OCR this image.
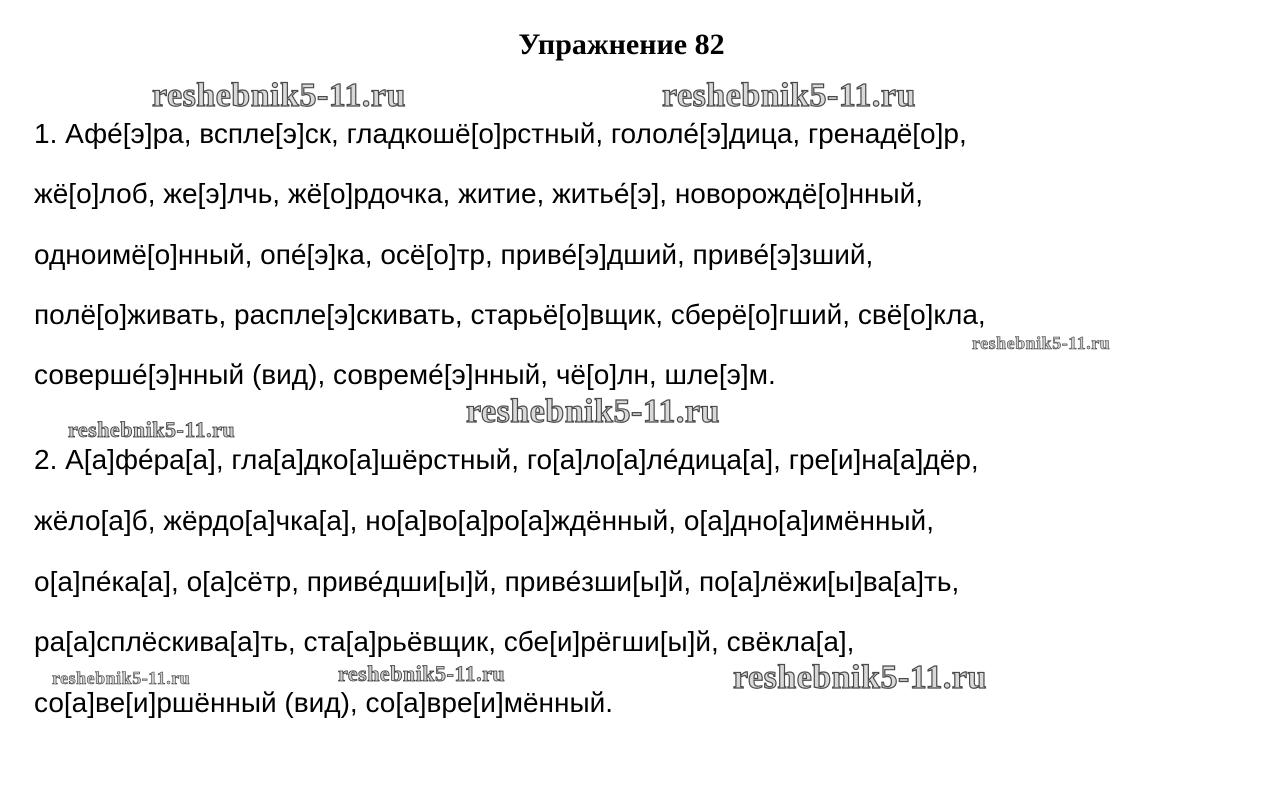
Упражнение 82
reshebnik5-11.ru	reshebnik5-11.ru
reshebnik5-11.ru
reshebnik5-11.ru
reshebnik5-11.ru
reshebnik5-11.ru	reshebnik5-11.ru	reshebnik5-11.ru
1. Афе́[э]ра, всплe[э]ск, гладкошё[о]рстный, гололе́[э]дица, гренадё[о]р,
жё[о]лоб, же[э]лчь, жё[о]рдочка, житие, житье́[э], новорождё[о]нный,
одноимё[о]нный, опе́[э]ка, осё[о]тр, приве́[э]дший, приве́[э]зший,
полё[о]живать, расплe[э]скивать, старьё[о]вщик, сберё[о]гший, свё[о]кла,
соверше́[э]нный (вид), совреме́[э]нный, чё[о]лн, шле[э]м.
2. А[а]фе́ра[а], гла[а]дко[а]шёрстный, го[а]ло[а]ле́дица[а], гре[и]на[а]дёр,
жёло[а]б, жёрдо[а]чка[а], но[а]во[а]ро[а]ждённый, о[а]дно[а]имённый,
о[а]пе́ка[а], о[а]сётр, приве́дши[ы]й, приве́зши[ы]й, по[а]лёжи[ы]ва[а]ть,
ра[а]сплёскива[а]ть, ста[а]рьёвщик, сбе[и]рёгши[ы]й, свёкла[а],
со[а]ве[и]ршённый (вид), со[а]вре[и]мённый.
